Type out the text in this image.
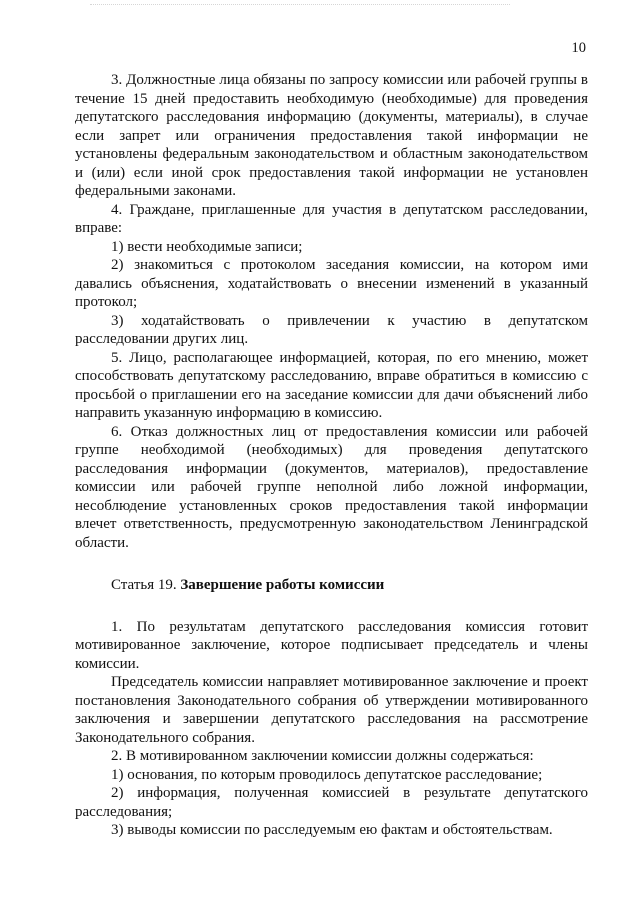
10

3. Должностные лица обязаны по запросу комиссии или рабочей группы в течение 15 дней предоставить необходимую (необходимые) для проведения депутатского расследования информацию (документы, материалы), в случае если запрет или ограничения предоставления такой информации не установлены федеральным законодательством и областным законодательством и (или) если иной срок предоставления такой информации не установлен федеральными законами.

4. Граждане, приглашенные для участия в депутатском расследовании, вправе:

1) вести необходимые записи;

2) знакомиться с протоколом заседания комиссии, на котором ими давались объяснения, ходатайствовать о внесении изменений в указанный протокол;

3) ходатайствовать о привлечении к участию в депутатском расследовании других лиц.

5. Лицо, располагающее информацией, которая, по его мнению, может способствовать депутатскому расследованию, вправе обратиться в комиссию с просьбой о приглашении его на заседание комиссии для дачи объяснений либо направить указанную информацию в комиссию.

6. Отказ должностных лиц от предоставления комиссии или рабочей группе необходимой (необходимых) для проведения депутатского расследования информации (документов, материалов), предоставление комиссии или рабочей группе неполной либо ложной информации, несоблюдение установленных сроков предоставления такой информации влечет ответственность, предусмотренную законодательством Ленинградской области.

Статья 19. Завершение работы комиссии

1. По результатам депутатского расследования комиссия готовит мотивированное заключение, которое подписывает председатель и члены комиссии.

Председатель комиссии направляет мотивированное заключение и проект постановления Законодательного собрания об утверждении мотивированного заключения и завершении депутатского расследования на рассмотрение Законодательного собрания.

2. В мотивированном заключении комиссии должны содержаться:

1) основания, по которым проводилось депутатское расследование;

2) информация, полученная комиссией в результате депутатского расследования;

3) выводы комиссии по расследуемым ею фактам и обстоятельствам.
